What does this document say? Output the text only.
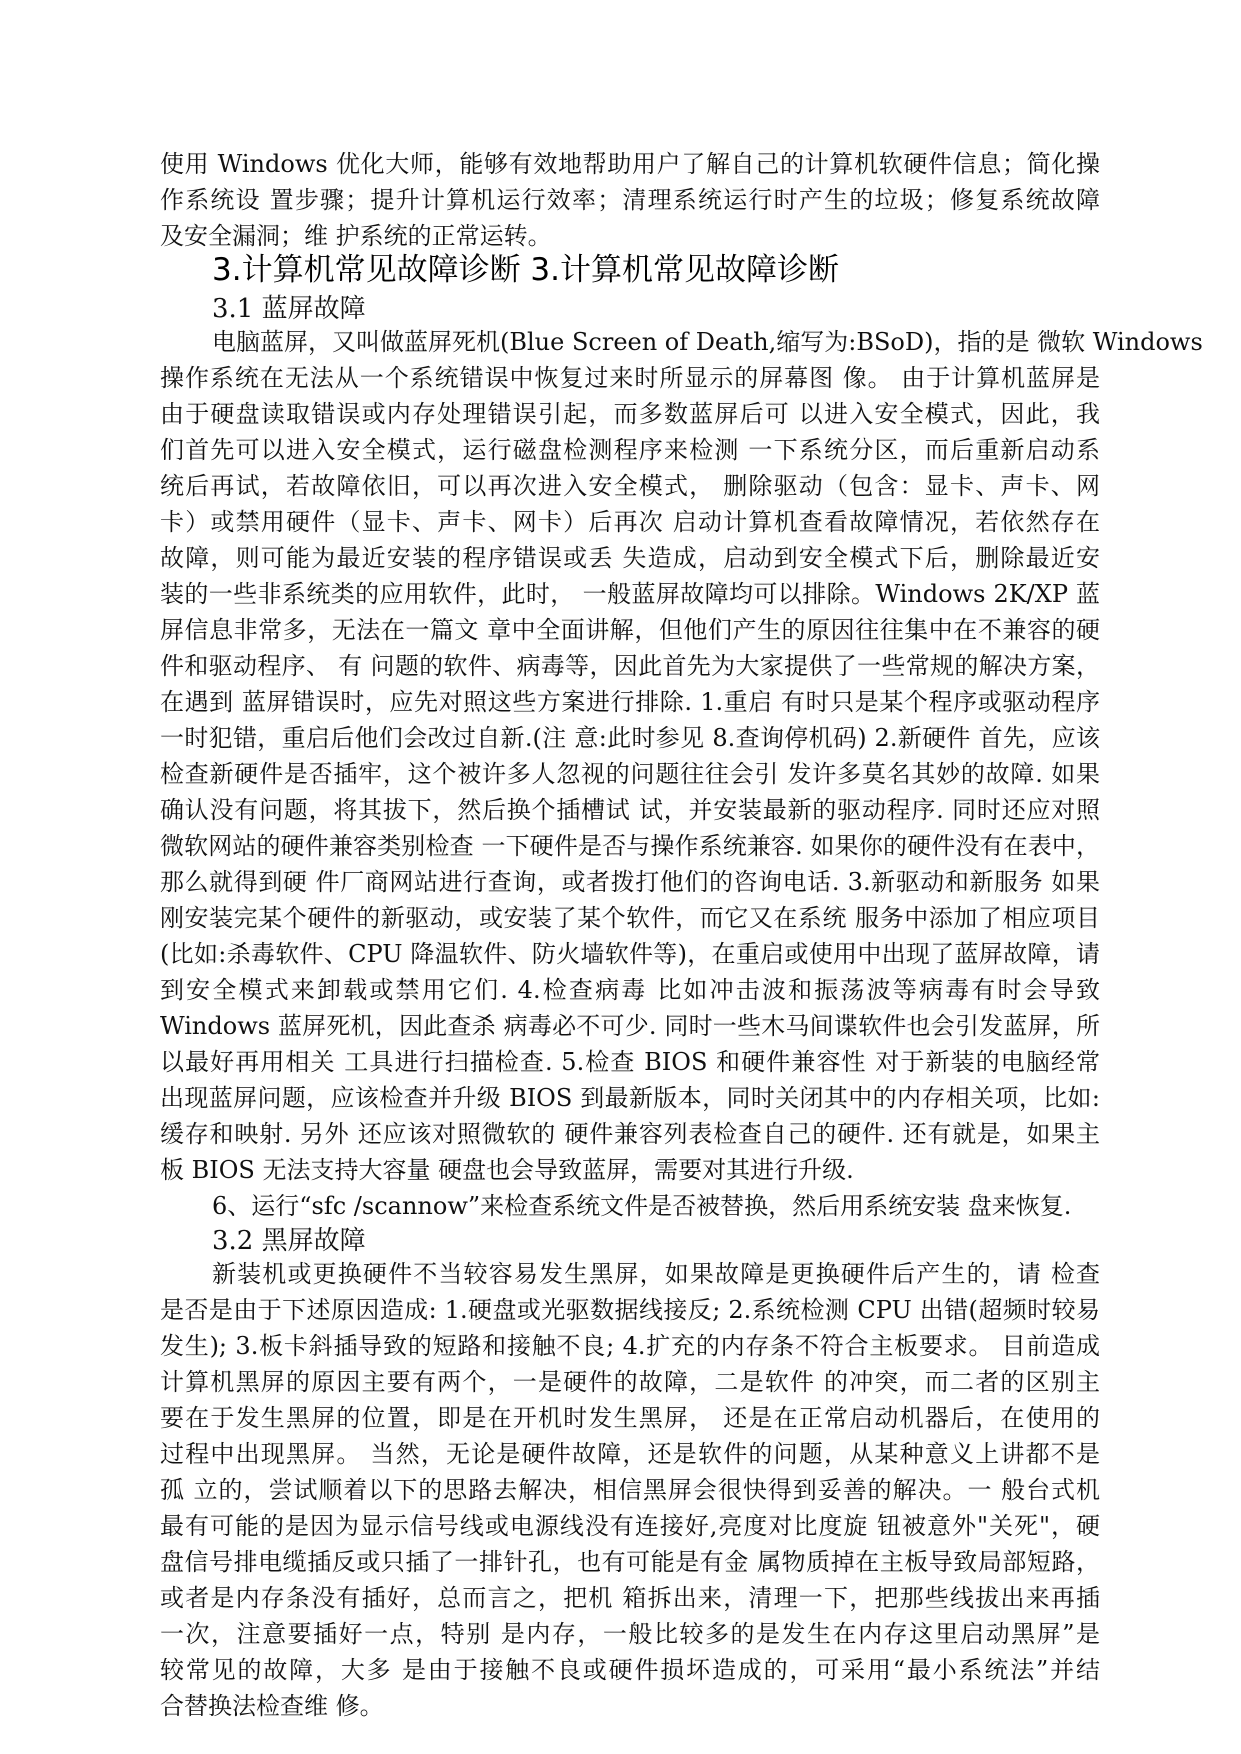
使用 Windows 优化大师，能够有效地帮助用户了解自己的计算机软硬件信息；简化操
作系统设 置步骤；提升计算机运行效率；清理系统运行时产生的垃圾；修复系统故障
及安全漏洞；维 护系统的正常运转。
3.计算机常见故障诊断 3.计算机常见故障诊断
3.1 蓝屏故障
电脑蓝屏，又叫做蓝屏死机(Blue Screen of Death,缩写为:BSoD)，指的是 微软 Windows
操作系统在无法从一个系统错误中恢复过来时所显示的屏幕图 像。 由于计算机蓝屏是
由于硬盘读取错误或内存处理错误引起，而多数蓝屏后可 以进入安全模式，因此，我
们首先可以进入安全模式，运行磁盘检测程序来检测 一下系统分区，而后重新启动系
统后再试，若故障依旧，可以再次进入安全模式， 删除驱动（包含：显卡、声卡、网
卡）或禁用硬件（显卡、声卡、网卡）后再次 启动计算机查看故障情况，若依然存在
故障，则可能为最近安装的程序错误或丢 失造成，启动到安全模式下后，删除最近安
装的一些非系统类的应用软件，此时， 一般蓝屏故障均可以排除。Windows 2K/XP 蓝
屏信息非常多，无法在一篇文 章中全面讲解，但他们产生的原因往往集中在不兼容的硬
件和驱动程序、 有 问题的软件、病毒等，因此首先为大家提供了一些常规的解决方案，
在遇到 蓝屏错误时，应先对照这些方案进行排除. 1.重启 有时只是某个程序或驱动程序
一时犯错，重启后他们会改过自新.(注 意:此时参见 8.查询停机码) 2.新硬件 首先，应该
检查新硬件是否插牢，这个被许多人忽视的问题往往会引 发许多莫名其妙的故障. 如果
确认没有问题，将其拔下，然后换个插槽试 试，并安装最新的驱动程序. 同时还应对照
微软网站的硬件兼容类别检查 一下硬件是否与操作系统兼容. 如果你的硬件没有在表中，
那么就得到硬 件厂商网站进行查询，或者拨打他们的咨询电话. 3.新驱动和新服务 如果
刚安装完某个硬件的新驱动，或安装了某个软件，而它又在系统 服务中添加了相应项目
(比如:杀毒软件、CPU 降温软件、防火墙软件等)，在重启或使用中出现了蓝屏故障，请
到安全模式来卸载或禁用它们. 4.检查病毒 比如冲击波和振荡波等病毒有时会导致
Windows 蓝屏死机，因此查杀 病毒必不可少. 同时一些木马间谍软件也会引发蓝屏，所
以最好再用相关 工具进行扫描检查. 5.检查 BIOS 和硬件兼容性 对于新装的电脑经常
出现蓝屏问题，应该检查并升级 BIOS 到最新版本，同时关闭其中的内存相关项，比如:
缓存和映射. 另外 还应该对照微软的 硬件兼容列表检查自己的硬件. 还有就是，如果主
板 BIOS 无法支持大容量 硬盘也会导致蓝屏，需要对其进行升级.
6、运行“sfc /scannow”来检查系统文件是否被替换，然后用系统安装 盘来恢复.
3.2 黑屏故障
新装机或更换硬件不当较容易发生黑屏，如果故障是更换硬件后产生的，请 检查
是否是由于下述原因造成: 1.硬盘或光驱数据线接反; 2.系统检测 CPU 出错(超频时较易
发生); 3.板卡斜插导致的短路和接触不良; 4.扩充的内存条不符合主板要求。 目前造成
计算机黑屏的原因主要有两个，一是硬件的故障，二是软件 的冲突，而二者的区别主
要在于发生黑屏的位置，即是在开机时发生黑屏， 还是在正常启动机器后，在使用的
过程中出现黑屏。 当然，无论是硬件故障，还是软件的问题，从某种意义上讲都不是
孤 立的，尝试顺着以下的思路去解决，相信黑屏会很快得到妥善的解决。一 般台式机
最有可能的是因为显示信号线或电源线没有连接好,亮度对比度旋 钮被意外"关死"，硬
盘信号排电缆插反或只插了一排针孔，也有可能是有金 属物质掉在主板导致局部短路，
或者是内存条没有插好，总而言之，把机 箱拆出来，清理一下，把那些线拔出来再插
一次，注意要插好一点，特别 是内存，一般比较多的是发生在内存这里启动黑屏”是
较常见的故障，大多 是由于接触不良或硬件损坏造成的，可采用“最小系统法”并结
合替换法检查维 修。
